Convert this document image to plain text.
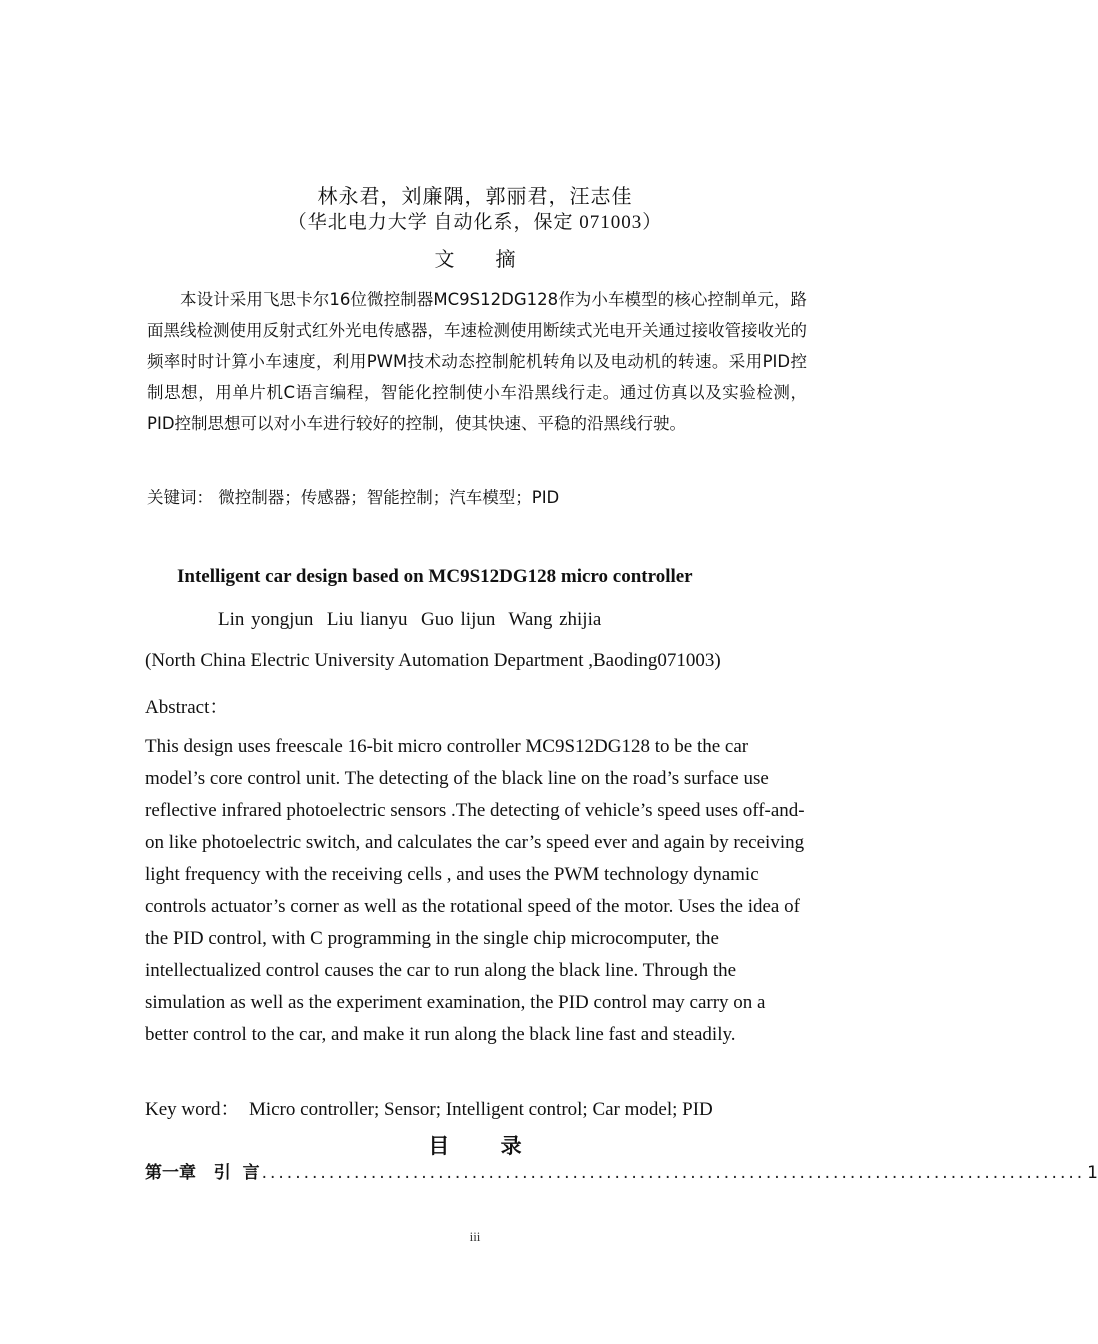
林永君，刘廉隅，郭丽君，汪志佳
（华北电力大学 自动化系，保定 071003）
文 摘
本设计采用飞思卡尔16位微控制器MC9S12DG128作为小车模型的核心控制单元，路面黑线检测使用反射式红外光电传感器，车速检测使用断续式光电开关通过接收管接收光的频率时时计算小车速度，利用PWM技术动态控制舵机转角以及电动机的转速。采用PID控制思想，用单片机C语言编程，智能化控制使小车沿黑线行走。通过仿真以及实验检测，PID控制思想可以对小车进行较好的控制，使其快速、平稳的沿黑线行驶。
关键词： 微控制器；传感器；智能控制；汽车模型；PID
Intelligent car design based on MC9S12DG128 micro controller
Lin yongjun  Liu lianyu  Guo lijun  Wang zhijia
(North China Electric University Automation Department ,Baoding071003)
Abstract：
This design uses freescale 16-bit micro controller MC9S12DG128 to be the car model’s core control unit. The detecting of the black line on the road’s surface use reflective infrared photoelectric sensors .The detecting of vehicle’s speed uses off-and-on like photoelectric switch, and calculates the car’s speed ever and again by receiving light frequency with the receiving cells , and uses the PWM technology dynamic controls actuator’s corner as well as the rotational speed of the motor. Uses the idea of the PID control, with C programming in the single chip microcomputer, the intellectualized control causes the car to run along the black line. Through the simulation as well as the experiment examination, the PID control may carry on a better control to the car, and make it run along the black line fast and steadily.
Key word：  Micro controller; Sensor; Intelligent control; Car model; PID
目 录
第一章   引  言 .................................................................................................. 1
iii
